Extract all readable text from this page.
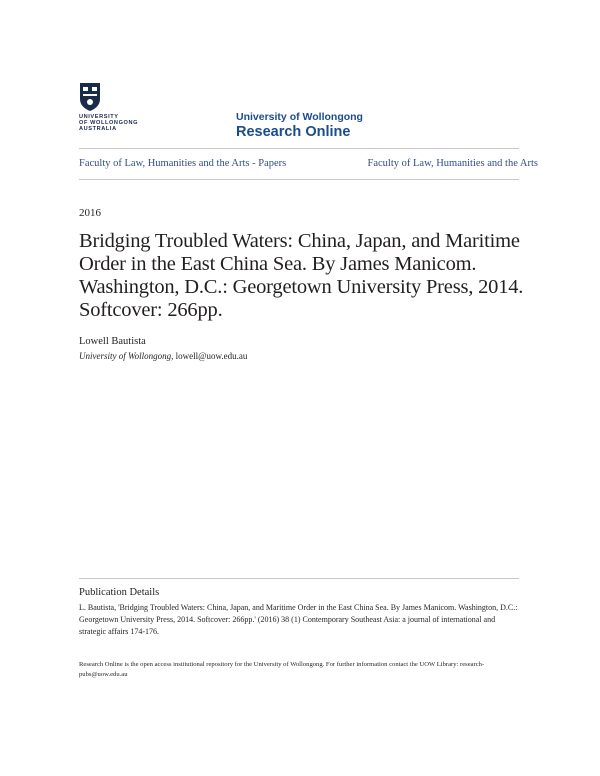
UNIVERSITY
OF WOLLONGONG
AUSTRALIA
University of Wollongong
Research Online
Faculty of Law, Humanities and the Arts - Papers	Faculty of Law, Humanities and the Arts
2016
Bridging Troubled Waters: China, Japan, and Maritime Order in the East China Sea. By James Manicom. Washington, D.C.: Georgetown University Press, 2014. Softcover: 266pp.
Lowell Bautista
University of Wollongong, lowell@uow.edu.au
Publication Details
L. Bautista, 'Bridging Troubled Waters: China, Japan, and Maritime Order in the East China Sea. By James Manicom. Washington, D.C.: Georgetown University Press, 2014. Softcover: 266pp.' (2016) 38 (1) Contemporary Southeast Asia: a journal of international and strategic affairs 174-176.
Research Online is the open access institutional repository for the University of Wollongong. For further information contact the UOW Library: research-pubs@uow.edu.au
